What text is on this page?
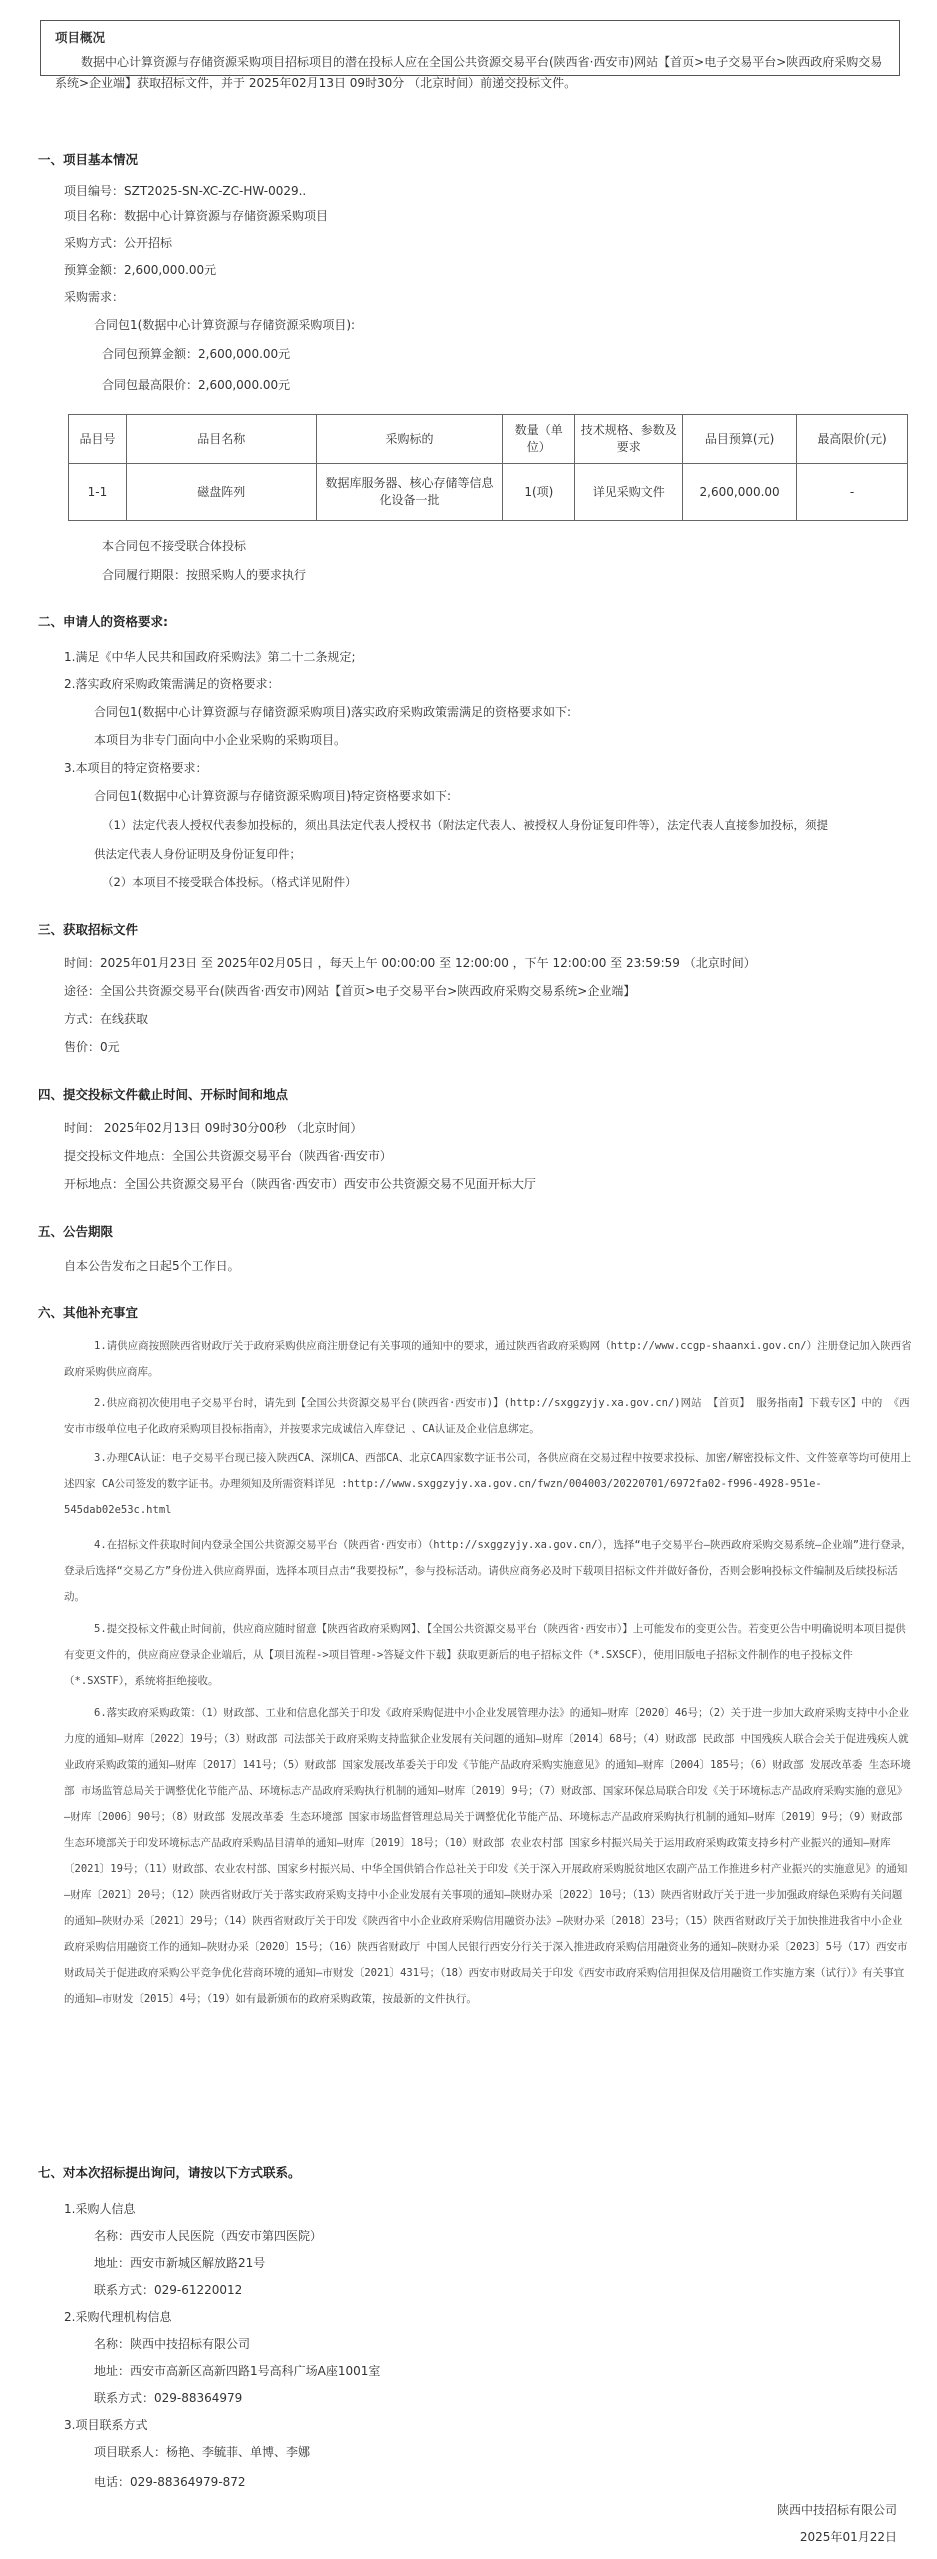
项目概况
数据中心计算资源与存储资源采购项目招标项目的潜在投标人应在全国公共资源交易平台(陕西省·西安市)网站【首页>电子交易平台>陕西政府采购交易系统>企业端】获取招标文件，并于 2025年02月13日 09时30分 （北京时间）前递交投标文件。
一、项目基本情况
项目编号：SZT2025-SN-XC-ZC-HW-0029..
项目名称：数据中心计算资源与存储资源采购项目
采购方式：公开招标
预算金额：2,600,000.00元
采购需求：
合同包1(数据中心计算资源与存储资源采购项目):
合同包预算金额：2,600,000.00元
合同包最高限价：2,600,000.00元
品目号	品目名称	采购标的	数量（单位）	技术规格、参数及要求	品目预算(元)	最高限价(元)
1-1	磁盘阵列	数据库服务器、核心存储等信息化设备一批	1(项)	详见采购文件	2,600,000.00	-
本合同包不接受联合体投标
合同履行期限：按照采购人的要求执行
二、申请人的资格要求:
1.满足《中华人民共和国政府采购法》第二十二条规定;
2.落实政府采购政策需满足的资格要求：
合同包1(数据中心计算资源与存储资源采购项目)落实政府采购政策需满足的资格要求如下:
本项目为非专门面向中小企业采购的采购项目。
3.本项目的特定资格要求：
合同包1(数据中心计算资源与存储资源采购项目)特定资格要求如下:
（1）法定代表人授权代表参加投标的，须出具法定代表人授权书（附法定代表人、被授权人身份证复印件等），法定代表人直接参加投标，须提
供法定代表人身份证明及身份证复印件；
（2）本项目不接受联合体投标。（格式详见附件）
三、获取招标文件
时间：2025年01月23日 至 2025年02月05日 ，每天上午 00:00:00 至 12:00:00 ，下午 12:00:00 至 23:59:59 （北京时间）
途径：全国公共资源交易平台(陕西省·西安市)网站【首页>电子交易平台>陕西政府采购交易系统>企业端】
方式：在线获取
售价：0元
四、提交投标文件截止时间、开标时间和地点
时间： 2025年02月13日 09时30分00秒 （北京时间）
提交投标文件地点：全国公共资源交易平台（陕西省·西安市）
开标地点：全国公共资源交易平台（陕西省·西安市）西安市公共资源交易不见面开标大厅
五、公告期限
自本公告发布之日起5个工作日。
六、其他补充事宜
1.请供应商按照陕西省财政厅关于政府采购供应商注册登记有关事项的通知中的要求，通过陕西省政府采购网（http://www.ccgp-shaanxi.gov.cn/）注册登记加入陕西省政府采购供应商库。
2.供应商初次使用电子交易平台时，请先到【全国公共资源交易平台(陕西省·西安市)】(http://sxggzyjy.xa.gov.cn/)网站 【首页】 服务指南】下载专区】中的 《西安市市级单位电子化政府采购项目投标指南》，并按要求完成诚信入库登记 、CA认证及企业信息绑定。
3.办理CA认证：电子交易平台现已接入陕西CA、深圳CA、西部CA、北京CA四家数字证书公司，各供应商在交易过程中按要求投标、加密/解密投标文件、文件签章等均可使用上述四家 CA公司签发的数字证书。办理须知及所需资料详见 :http://www.sxggzyjy.xa.gov.cn/fwzn/004003/20220701/6972fa02-f996-4928-951e-545dab02e53c.html
4.在招标文件获取时间内登录全国公共资源交易平台（陕西省·西安市）（http://sxggzyjy.xa.gov.cn/），选择“电子交易平台—陕西政府采购交易系统—企业端”进行登录，登录后选择“交易乙方”身份进入供应商界面，选择本项目点击“我要投标”，参与投标活动。请供应商务必及时下载项目招标文件并做好备份，否则会影响投标文件编制及后续投标活动。
5.提交投标文件截止时间前，供应商应随时留意【陕西省政府采购网】、【全国公共资源交易平台（陕西省·西安市）】上可能发布的变更公告。若变更公告中明确说明本项目提供有变更文件的，供应商应登录企业端后，从【项目流程->项目管理->答疑文件下载】获取更新后的电子招标文件（*.SXSCF），使用旧版电子招标文件制作的电子投标文件（*.SXSTF），系统将拒绝接收。
6.落实政府采购政策：（1）财政部、工业和信息化部关于印发《政府采购促进中小企业发展管理办法》的通知—财库〔2020〕46号；（2）关于进一步加大政府采购支持中小企业力度的通知—财库〔2022〕19号；（3）财政部 司法部关于政府采购支持监狱企业发展有关问题的通知—财库〔2014〕68号；（4）财政部 民政部 中国残疾人联合会关于促进残疾人就业政府采购政策的通知—财库〔2017〕141号；（5）财政部 国家发展改革委关于印发《节能产品政府采购实施意见》的通知—财库〔2004〕185号；（6）财政部 发展改革委 生态环境部 市场监管总局关于调整优化节能产品、环境标志产品政府采购执行机制的通知—财库〔2019〕9号；（7）财政部、国家环保总局联合印发《关于环境标志产品政府采购实施的意见》—财库〔2006〕90号；（8）财政部 发展改革委 生态环境部 国家市场监督管理总局关于调整优化节能产品、环境标志产品政府采购执行机制的通知—财库〔2019〕9号；（9）财政部 生态环境部关于印发环境标志产品政府采购品目清单的通知—财库〔2019〕18号；（10）财政部 农业农村部 国家乡村振兴局关于运用政府采购政策支持乡村产业振兴的通知—财库〔2021〕19号；（11）财政部、农业农村部、国家乡村振兴局、中华全国供销合作总社关于印发《关于深入开展政府采购脱贫地区农副产品工作推进乡村产业振兴的实施意见》的通知—财库〔2021〕20号；（12）陕西省财政厅关于落实政府采购支持中小企业发展有关事项的通知—陕财办采〔2022〕10号；（13）陕西省财政厅关于进一步加强政府绿色采购有关问题的通知—陕财办采〔2021〕29号；（14）陕西省财政厅关于印发《陕西省中小企业政府采购信用融资办法》—陕财办采〔2018〕23号；（15）陕西省财政厅关于加快推进我省中小企业政府采购信用融资工作的通知—陕财办采〔2020〕15号；（16）陕西省财政厅 中国人民银行西安分行关于深入推进政府采购信用融资业务的通知—陕财办采〔2023〕5号（17）西安市财政局关于促进政府采购公平竞争优化营商环境的通知—市财发〔2021〕431号；（18）西安市财政局关于印发《西安市政府采购信用担保及信用融资工作实施方案（试行）》有关事宜的通知—市财发〔2015〕4号；（19）如有最新颁布的政府采购政策，按最新的文件执行。
七、对本次招标提出询问，请按以下方式联系。
1.采购人信息
名称：西安市人民医院（西安市第四医院）
地址：西安市新城区解放路21号
联系方式：029-61220012
2.采购代理机构信息
名称：陕西中技招标有限公司
地址：西安市高新区高新四路1号高科广场A座1001室
联系方式：029-88364979
3.项目联系方式
项目联系人：杨艳、李毓菲、单博、李娜
电话：029-88364979-872
陕西中技招标有限公司
2025年01月22日
